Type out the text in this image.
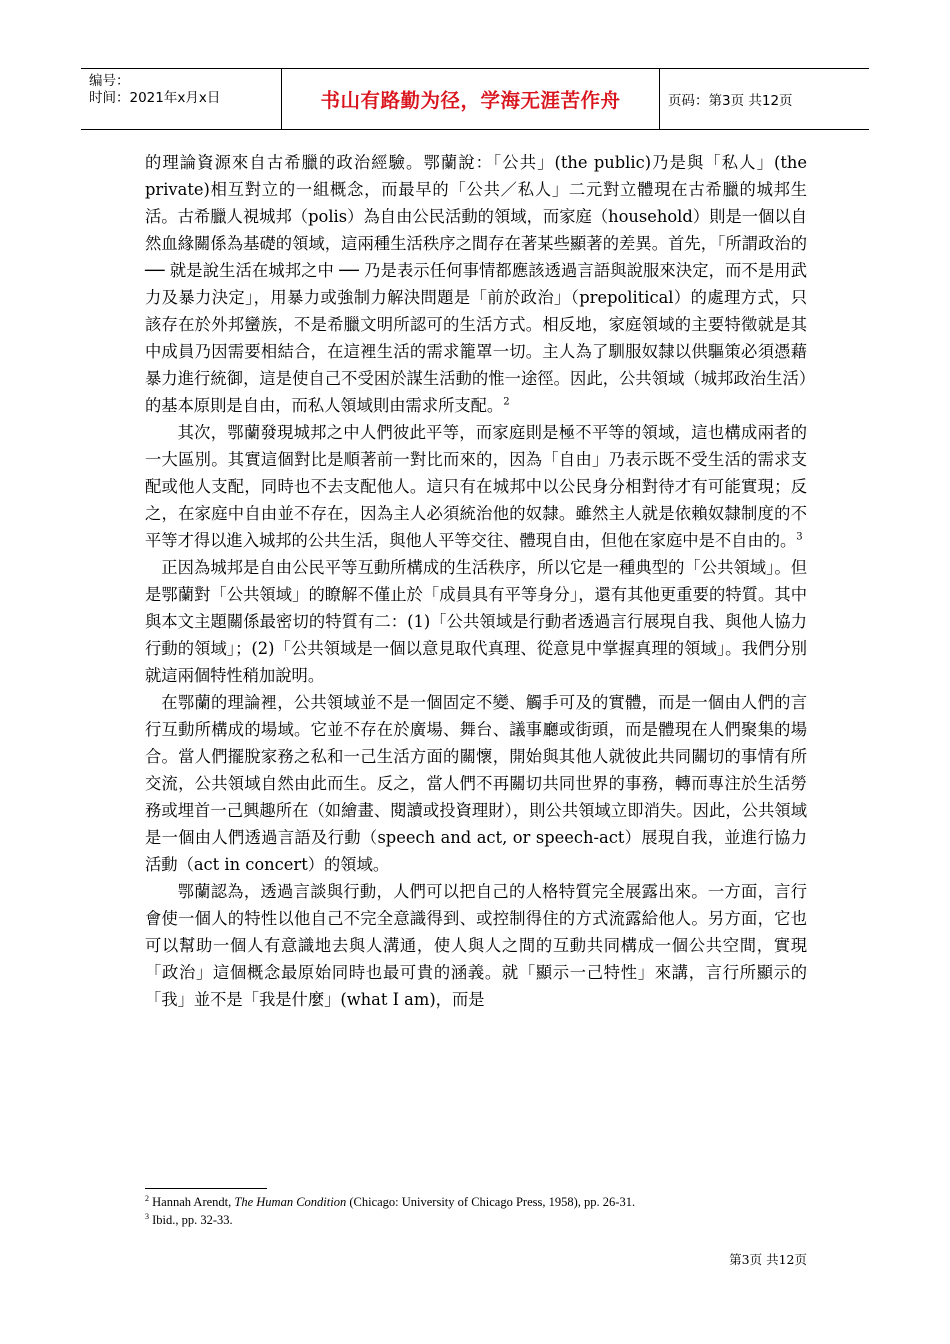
编号：
时间：2021年x月x日	书山有路勤为径，学海无涯苦作舟	页码：第3页 共12页

的理論資源來自古希臘的政治經驗。鄂蘭說：「公共」(the public)乃是與「私人」(the private)相互對立的一組概念，而最早的「公共／私人」二元對立體現在古希臘的城邦生活。古希臘人視城邦（polis）為自由公民活動的領域，而家庭（household）則是一個以自然血緣關係為基礎的領域，這兩種生活秩序之間存在著某些顯著的差異。首先，「所謂政治的 ── 就是說生活在城邦之中 ── 乃是表示任何事情都應該透過言語與說服來決定，而不是用武力及暴力決定」，用暴力或強制力解決問題是「前於政治」（prepolitical）的處理方式，只該存在於外邦蠻族，不是希臘文明所認可的生活方式。相反地，家庭領域的主要特徵就是其中成員乃因需要相結合，在這裡生活的需求籠罩一切。主人為了馴服奴隸以供驅策必須憑藉暴力進行統御，這是使自己不受困於謀生活動的惟一途徑。因此，公共領域（城邦政治生活）的基本原則是自由，而私人領域則由需求所支配。$^2$

其次，鄂蘭發現城邦之中人們彼此平等，而家庭則是極不平等的領域，這也構成兩者的一大區別。其實這個對比是順著前一對比而來的，因為「自由」乃表示既不受生活的需求支配或他人支配，同時也不去支配他人。這只有在城邦中以公民身分相對待才有可能實現；反之，在家庭中自由並不存在，因為主人必須統治他的奴隸。雖然主人就是依賴奴隸制度的不平等才得以進入城邦的公共生活，與他人平等交往、體現自由，但他在家庭中是不自由的。$^3$

正因為城邦是自由公民平等互動所構成的生活秩序，所以它是一種典型的「公共領域」。但是鄂蘭對「公共領域」的瞭解不僅止於「成員具有平等身分」，還有其他更重要的特質。其中與本文主題關係最密切的特質有二：(1)「公共領域是行動者透過言行展現自我、與他人協力行動的領域」；(2)「公共領域是一個以意見取代真理、從意見中掌握真理的領域」。我們分別就這兩個特性稍加說明。

在鄂蘭的理論裡，公共領域並不是一個固定不變、觸手可及的實體，而是一個由人們的言行互動所構成的場域。它並不存在於廣場、舞台、議事廳或街頭，而是體現在人們聚集的場合。當人們擺脫家務之私和一己生活方面的關懷，開始與其他人就彼此共同關切的事情有所交流，公共領域自然由此而生。反之，當人們不再關切共同世界的事務，轉而專注於生活勞務或埋首一己興趣所在（如繪畫、閱讀或投資理財），則公共領域立即消失。因此，公共領域是一個由人們透過言語及行動（speech and act, or speech-act）展現自我，並進行協力活動（act in concert）的領域。

鄂蘭認為，透過言談與行動，人們可以把自己的人格特質完全展露出來。一方面，言行會使一個人的特性以他自己不完全意識得到、或控制得住的方式流露給他人。另方面，它也可以幫助一個人有意識地去與人溝通，使人與人之間的互動共同構成一個公共空間，實現「政治」這個概念最原始同時也最可貴的涵義。就「顯示一己特性」來講，言行所顯示的「我」並不是「我是什麼」(what I am)，而是

$^2$ Hannah Arendt, The Human Condition (Chicago: University of Chicago Press, 1958), pp. 26-31.
$^3$ Ibid., pp. 32-33.
第3页 共12页
